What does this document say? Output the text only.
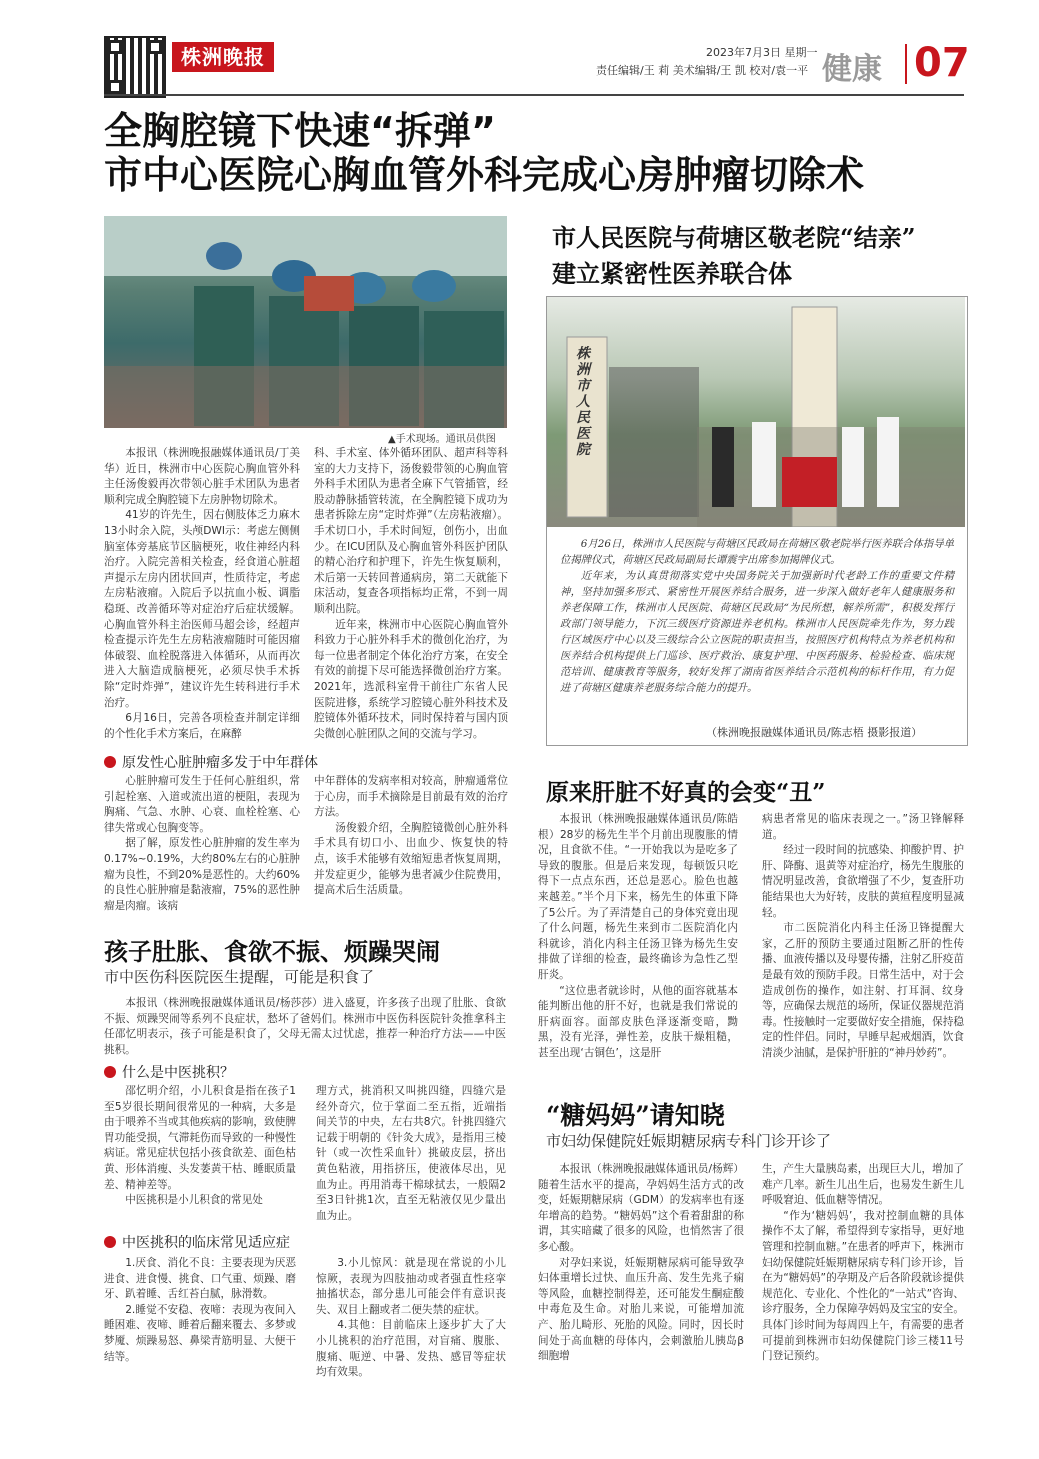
株洲晚报	2023年7月3日 星期一
责任编辑/王 莉 美术编辑/王 凯 校对/袁一平 健康 07
全胸腔镜下快速“拆弹”
市中心医院心胸血管外科完成心房肿瘤切除术
▲手术现场。通讯员供图

本报讯（株洲晚报融媒体通讯员/丁美华）近日，株洲市中心医院心胸血管外科主任汤俊毅再次带领心脏手术团队为患者顺利完成全胸腔镜下左房肿物切除术。

41岁的许先生，因右侧肢体乏力麻木13小时余入院，头颅DWI示：考虑左侧侧脑室体旁基底节区脑梗死，收住神经内科治疗。入院完善相关检查，经食道心脏超声提示左房内团状回声，性质待定，考虑左房粘液瘤。入院后予以抗血小板、调脂稳斑、改善循环等对症治疗后症状缓解。心胸血管外科主治医师马超会诊，经超声检查提示许先生左房粘液瘤随时可能因瘤体破裂、血栓脱落进入体循环，从而再次进入大脑造成脑梗死，必须尽快手术拆除“定时炸弹”，建议许先生转科进行手术治疗。

6月16日，完善各项检查并制定详细的个性化手术方案后，在麻醉

科、手术室、体外循环团队、超声科等科室的大力支持下，汤俊毅带领的心胸血管外科手术团队为患者全麻下气管插管，经股动静脉插管转流，在全胸腔镜下成功为患者拆除左房“定时炸弹”（左房粘液瘤）。手术切口小，手术时间短，创伤小，出血少。在ICU团队及心胸血管外科医护团队的精心治疗和护理下，许先生恢复顺利，术后第一天转回普通病房，第二天就能下床活动，复查各项指标均正常，不到一周顺利出院。

近年来，株洲市中心医院心胸血管外科致力于心脏外科手术的微创化治疗，为每一位患者制定个体化治疗方案，在安全有效的前提下尽可能选择微创治疗方案。2021年，选派科室骨干前往广东省人民医院进修，系统学习腔镜心脏外科技术及腔镜体外循环技术，同时保持着与国内顶尖微创心脏团队之间的交流与学习。

原发性心脏肿瘤多发于中年群体

心脏肿瘤可发生于任何心脏组织，常引起栓塞、入道或流出道的梗阻，表现为胸痛、气急、水肿、心衰、血栓栓塞、心律失常或心包胸变等。

据了解，原发性心脏肿瘤的发生率为0.17%~0.19%，大约80%左右的心脏肿瘤为良性，不到20%是恶性的。大约60%的良性心脏肿瘤是黏液瘤，75%的恶性肿瘤是肉瘤。该病

中年群体的发病率相对较高，肿瘤通常位于心房，而手术摘除是目前最有效的治疗方法。

汤俊毅介绍，全胸腔镜微创心脏外科手术具有切口小、出血少、恢复快的特点，该手术能够有效缩短患者恢复周期，并发症更少，能够为患者减少住院费用，提高术后生活质量。

市人民医院与荷塘区敬老院“结亲”
建立紧密性医养联合体
株洲市人民医院

6月26日，株洲市人民医院与荷塘区民政局在荷塘区敬老院举行医养联合体指导单位揭牌仪式，荷塘区民政局副局长谭震宇出席参加揭牌仪式。

近年来，为认真贯彻落实党中央国务院关于加强新时代老龄工作的重要文件精神，坚持加强多形式、紧密性开展医养结合服务，进一步深入做好老年人健康服务和养老保障工作，株洲市人民医院、荷塘区民政局“为民所想，解养所需”，积极发挥行政部门领导能力，下沉三级医疗资源进养老机构。株洲市人民医院牵先作为，努力践行区域医疗中心以及三级综合公立医院的职责担当，按照医疗机构特点为养老机构和医养结合机构提供上门巡诊、医疗救治、康复护理、中医药服务、检验检查、临床规范培训、健康教育等服务，较好发挥了湖南省医养结合示范机构的标杆作用，有力促进了荷塘区健康养老服务综合能力的提升。

（株洲晚报融媒体通讯员/陈志梧 摄影报道）
原来肝脏不好真的会变“丑”

本报讯（株洲晚报融媒体通讯员/陈皓根）28岁的杨先生半个月前出现腹胀的情况，且食欲不佳。“一开始我以为是吃多了导致的腹胀。但是后来发现，每顿饭只吃得下一点点东西，还总是恶心。脸色也越来越差。”半个月下来，杨先生的体重下降了5公斤。为了弄清楚自己的身体究竟出现了什么问题，杨先生来到市二医院消化内科就诊，消化内科主任汤卫锋为杨先生安排做了详细的检查，最终确诊为急性乙型肝炎。

“这位患者就诊时，从他的面容就基本能判断出他的肝不好，也就是我们常说的肝病面容。面部皮肤色泽逐渐变暗，黝黑，没有光泽，弹性差，皮肤干燥粗糙，甚至出现‘古铜色’，这是肝

病患者常见的临床表现之一。”汤卫锋解释道。

经过一段时间的抗感染、抑酸护胃、护肝、降酶、退黄等对症治疗，杨先生腹胀的情况明显改善，食欲增强了不少，复查肝功能结果也大为好转，皮肤的黄疸程度明显减轻。

市二医院消化内科主任汤卫锋提醒大家，乙肝的预防主要通过阻断乙肝的性传播、血液传播以及母婴传播，注射乙肝疫苗是最有效的预防手段。日常生活中，对于会造成创伤的操作，如注射、打耳洞、纹身等，应确保去规范的场所，保证仪器规范消毒。性接触时一定要做好安全措施，保持稳定的性伴侣。同时，早睡早起戒烟酒，饮食清淡少油腻，是保护肝脏的“神丹妙药”。

孩子肚胀、食欲不振、烦躁哭闹
市中医伤科医院医生提醒，可能是积食了

本报讯（株洲晚报融媒体通讯员/杨莎莎）进入盛夏，许多孩子出现了肚胀、食欲不振、烦躁哭闹等系列不良症状，愁坏了爸妈们。株洲市中医伤科医院针灸推拿科主任邵忆明表示，孩子可能是积食了，父母无需太过忧虑，推荐一种治疗方法——中医挑积。

什么是中医挑积？

邵忆明介绍，小儿积食是指在孩子1至5岁很长期间很常见的一种病，大多是由于喂养不当或其他疾病的影响，致使脾胃功能受损，气滞耗伤而导致的一种慢性病证。常见症状包括小孩食欲差、面色枯黄、形体消瘦、头发萎黄干枯、睡眠质量差、精神差等。

中医挑积是小儿积食的常见处

理方式，挑消积又叫挑四缝，四缝穴是经外奇穴，位于掌面二至五指，近端指间关节的中央，左右共8穴。针挑四缝穴记载于明朝的《针灸大成》，是指用三棱针（或一次性采血针）挑破皮层，挤出黄色粘液，用指挤压，使液体尽出，见血为止。再用消毒干棉球拭去，一般隔2至3日针挑1次，直至无粘液仅见少量出血为止。

中医挑积的临床常见适应症

1.厌食、消化不良：主要表现为厌恶进食、进食慢、挑食、口气重、烦躁、磨牙、趴着睡、舌红苔白腻，脉滑数。

2.睡觉不安稳、夜啼：表现为夜间入睡困难、夜啼、睡着后翻来覆去、多梦或梦魇、烦躁易怒、鼻梁青筋明显、大便干结等。

3.小儿惊风：就是现在常说的小儿惊厥，表现为四肢抽动或者强直性痉挛抽搐状态，部分患儿可能会伴有意识丧失、双目上翻或者二便失禁的症状。

4.其他：目前临床上逐步扩大了大小儿挑积的治疗范围，对盲痛、腹胀、腹痛、呃逆、中暑、发热、感冒等症状均有效果。

“糖妈妈”请知晓
市妇幼保健院妊娠期糖尿病专科门诊开诊了

本报讯（株洲晚报融媒体通讯员/杨辉）随着生活水平的提高，孕妈妈生活方式的改变，妊娠期糖尿病（GDM）的发病率也有逐年增高的趋势。“糖妈妈”这个看着甜甜的称谓，其实暗藏了很多的风险，也悄然害了很多心酸。

对孕妇来说，妊娠期糖尿病可能导致孕妇体重增长过快、血压升高、发生先兆子痫等风险，血糖控制得差，还可能发生酮症酸中毒危及生命。对胎儿来说，可能增加流产、胎儿畸形、死胎的风险。同时，因长时间处于高血糖的母体内，会刺激胎儿胰岛β细胞增

生，产生大量胰岛素，出现巨大儿，增加了难产几率。新生儿出生后，也易发生新生儿呼吸窘迫、低血糖等情况。

“作为‘糖妈妈’，我对控制血糖的具体操作不太了解，希望得到专家指导，更好地管理和控制血糖。”在患者的呼声下，株洲市妇幼保健院妊娠期糖尿病专科门诊开诊，旨在为“糖妈妈”的孕期及产后各阶段就诊提供规范化、专业化、个性化的“一站式”咨询、诊疗服务，全力保障孕妈妈及宝宝的安全。具体门诊时间为每周四上午，有需要的患者可提前到株洲市妇幼保健院门诊三楼11号门登记预约。
